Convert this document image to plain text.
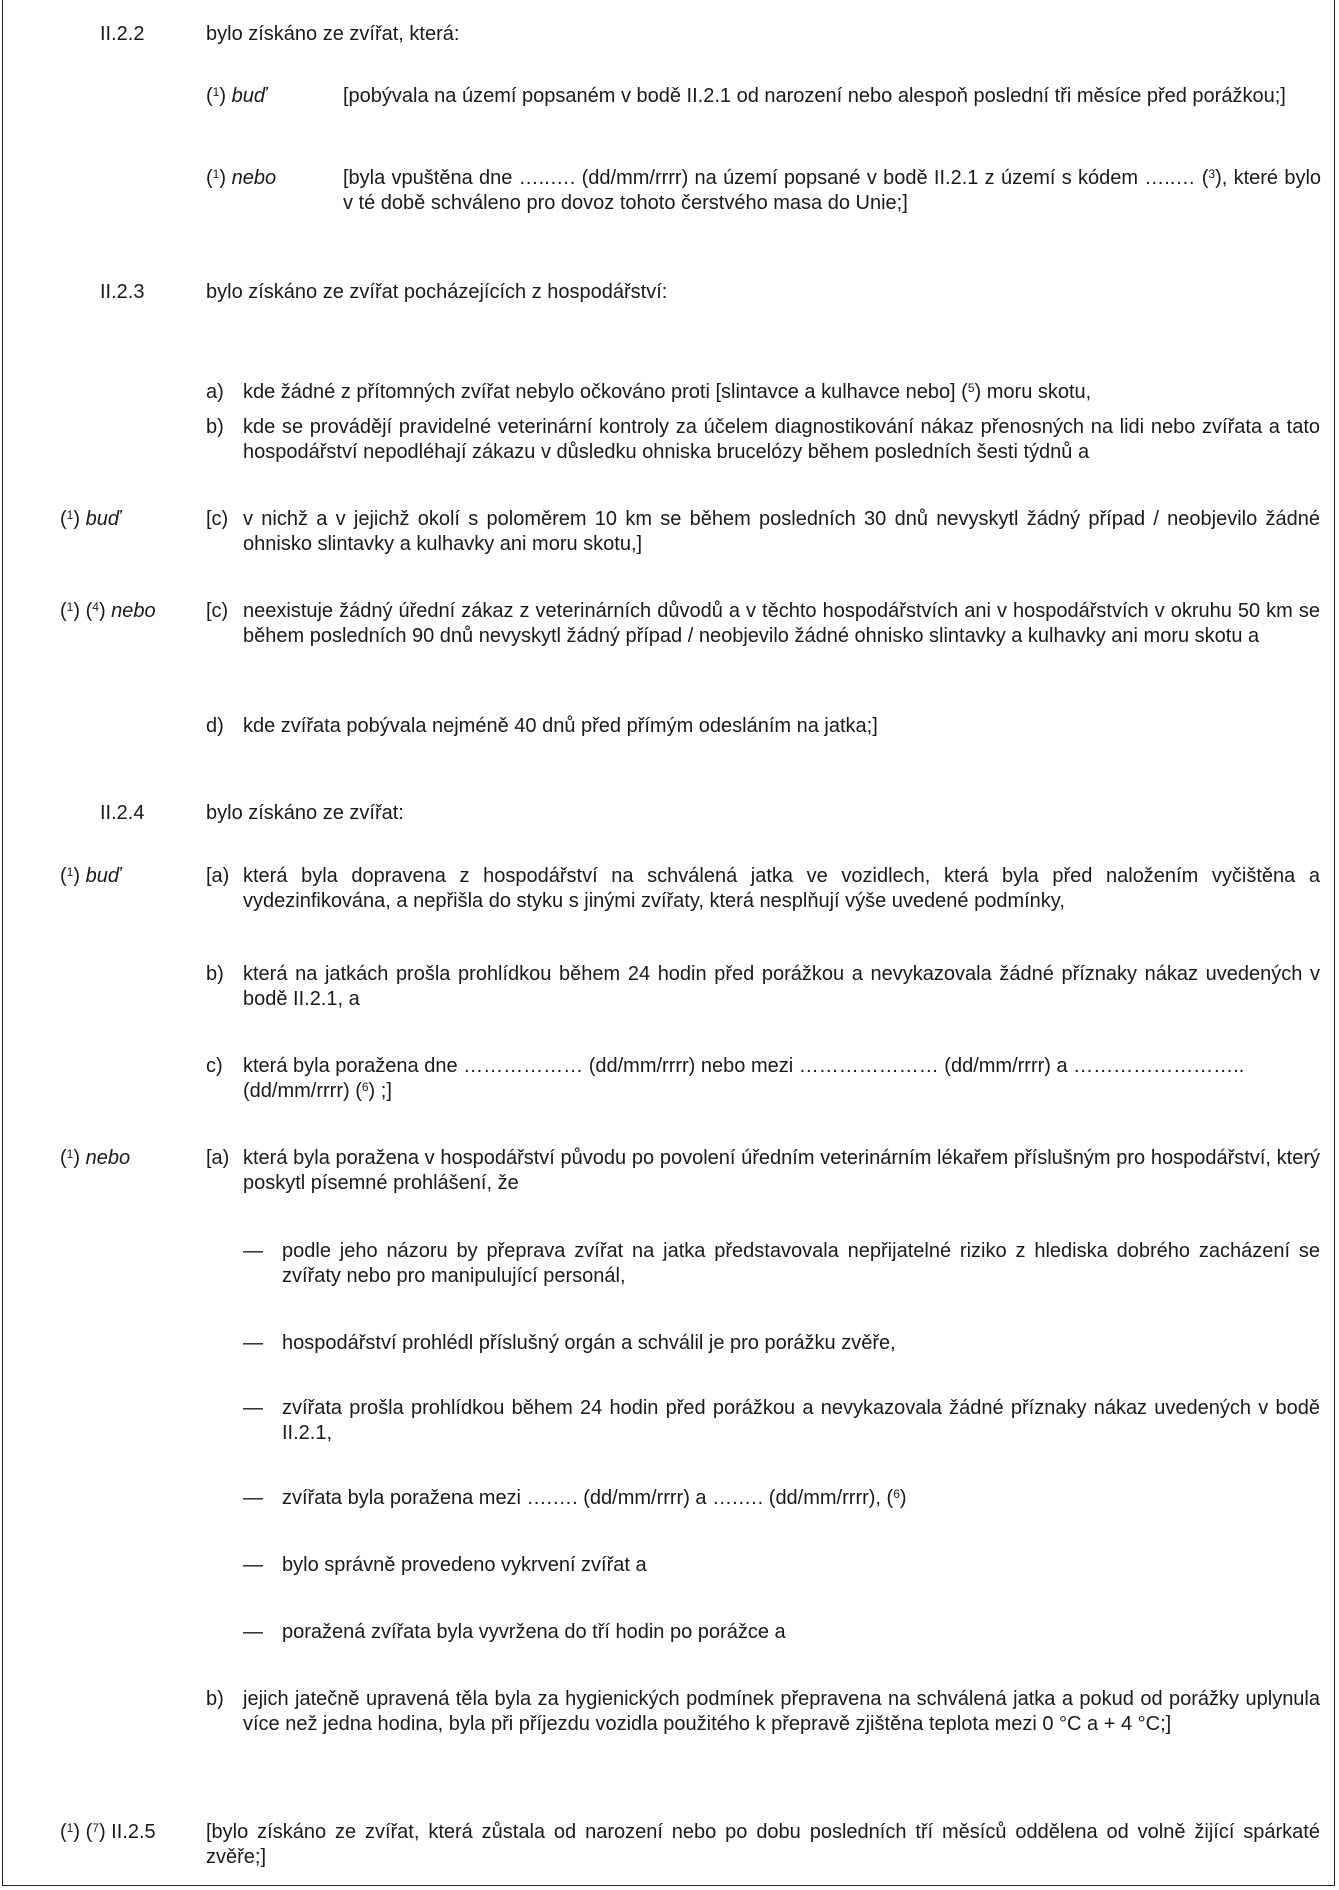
II.2.2	bylo získáno ze zvířat, která:
($^1$) buď	[pobývala na území popsaném v bodě II.2.1 od narození nebo alespoň poslední tři měsíce před porážkou;]
($^1$) nebo	[byla vpuštěna dne …..…. (dd/mm/rrrr) na území popsané v bodě II.2.1 z území s kódem …..… ($^3$), které bylo v té době schváleno pro dovoz tohoto čerstvého masa do Unie;]
II.2.3	bylo získáno ze zvířat pocházejících z hospodářství:
a) kde žádné z přítomných zvířat nebylo očkováno proti [slintavce a kulhavce nebo] ($^5$) moru skotu,
b) kde se provádějí pravidelné veterinární kontroly za účelem diagnostikování nákaz přenosných na lidi nebo zvířata a tato hospodářství nepodléhají zákazu v důsledku ohniska brucelózy během posledních šesti týdnů a
($^1$) buď	[c) v nichž a v jejichž okolí s poloměrem 10 km se během posledních 30 dnů nevyskytl žádný případ / neobjevilo žádné ohnisko slintavky a kulhavky ani moru skotu,]
($^1$) ($^4$) nebo	[c) neexistuje žádný úřední zákaz z veterinárních důvodů a v těchto hospodářstvích ani v hospodářstvích v okruhu 50 km se během posledních 90 dnů nevyskytl žádný případ / neobjevilo žádné ohnisko slintavky a kulhavky ani moru skotu a
d) kde zvířata pobývala nejméně 40 dnů před přímým odesláním na jatka;]
II.2.4	bylo získáno ze zvířat:
($^1$) buď	[a) která byla dopravena z hospodářství na schválená jatka ve vozidlech, která byla před naložením vyčištěna a vydezinfikována, a nepřišla do styku s jinými zvířaty, která nesplňují výše uvedené podmínky,
b) která na jatkách prošla prohlídkou během 24 hodin před porážkou a nevykazovala žádné příznaky nákaz uvedených v bodě II.2.1, a
c) která byla poražena dne ……………… (dd/mm/rrrr) nebo mezi ………………… (dd/mm/rrrr) a ……………………..
(dd/mm/rrrr) ($^6$) ;]
($^1$) nebo	[a) která byla poražena v hospodářství původu po povolení úředním veterinárním lékařem příslušným pro hospodářství, který poskytl písemné prohlášení, že
— podle jeho názoru by přeprava zvířat na jatka představovala nepřijatelné riziko z hlediska dobrého zacházení se zvířaty nebo pro manipulující personál,
— hospodářství prohlédl příslušný orgán a schválil je pro porážku zvěře,
— zvířata prošla prohlídkou během 24 hodin před porážkou a nevykazovala žádné příznaky nákaz uvedených v bodě II.2.1,
— zvířata byla poražena mezi ….…. (dd/mm/rrrr) a ….…. (dd/mm/rrrr), ($^6$)
— bylo správně provedeno vykrvení zvířat a
— poražená zvířata byla vyvržena do tří hodin po porážce a
b) jejich jatečně upravená těla byla za hygienických podmínek přepravena na schválená jatka a pokud od porážky uplynula více než jedna hodina, byla při příjezdu vozidla použitého k přepravě zjištěna teplota mezi 0 °C a + 4 °C;]
($^1$) ($^7$) II.2.5	[bylo získáno ze zvířat, která zůstala od narození nebo po dobu posledních tří měsíců oddělena od volně žijící spárkaté zvěře;]
